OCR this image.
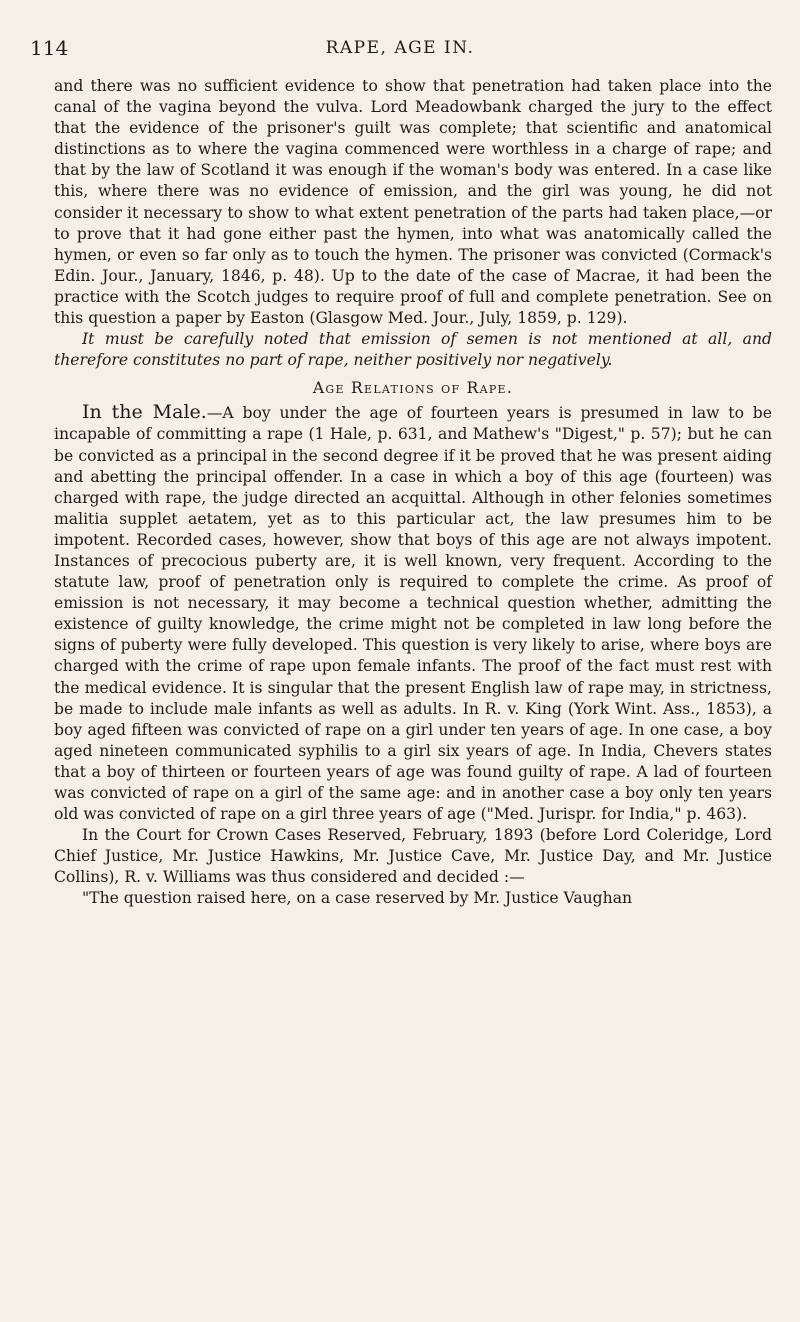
114	RAPE, AGE IN.

and there was no sufficient evidence to show that penetration had taken place into the canal of the vagina beyond the vulva. Lord Meadowbank charged the jury to the effect that the evidence of the prisoner's guilt was complete; that scientific and anatomical distinctions as to where the vagina commenced were worthless in a charge of rape; and that by the law of Scotland it was enough if the woman's body was entered. In a case like this, where there was no evidence of emission, and the girl was young, he did not consider it necessary to show to what extent penetration of the parts had taken place,—or to prove that it had gone either past the hymen, into what was anatomically called the hymen, or even so far only as to touch the hymen. The prisoner was convicted (Cormack's Edin. Jour., January, 1846, p. 48). Up to the date of the case of Macrae, it had been the practice with the Scotch judges to require proof of full and complete penetration. See on this question a paper by Easton (Glasgow Med. Jour., July, 1859, p. 129).

It must be carefully noted that emission of semen is not mentioned at all, and therefore constitutes no part of rape, neither positively nor negatively.

Age Relations of Rape.

In the Male.—A boy under the age of fourteen years is presumed in law to be incapable of committing a rape (1 Hale, p. 631, and Mathew's "Digest," p. 57); but he can be convicted as a principal in the second degree if it be proved that he was present aiding and abetting the principal offender. In a case in which a boy of this age (fourteen) was charged with rape, the judge directed an acquittal. Although in other felonies sometimes malitia supplet aetatem, yet as to this particular act, the law presumes him to be impotent. Recorded cases, however, show that boys of this age are not always impotent. Instances of precocious puberty are, it is well known, very frequent. According to the statute law, proof of penetration only is required to complete the crime. As proof of emission is not necessary, it may become a technical question whether, admitting the existence of guilty knowledge, the crime might not be completed in law long before the signs of puberty were fully developed. This question is very likely to arise, where boys are charged with the crime of rape upon female infants. The proof of the fact must rest with the medical evidence. It is singular that the present English law of rape may, in strictness, be made to include male infants as well as adults. In R. v. King (York Wint. Ass., 1853), a boy aged fifteen was convicted of rape on a girl under ten years of age. In one case, a boy aged nineteen communicated syphilis to a girl six years of age. In India, Chevers states that a boy of thirteen or fourteen years of age was found guilty of rape. A lad of fourteen was convicted of rape on a girl of the same age: and in another case a boy only ten years old was convicted of rape on a girl three years of age ("Med. Jurispr. for India," p. 463).

In the Court for Crown Cases Reserved, February, 1893 (before Lord Coleridge, Lord Chief Justice, Mr. Justice Hawkins, Mr. Justice Cave, Mr. Justice Day, and Mr. Justice Collins), R. v. Williams was thus considered and decided :—

"The question raised here, on a case reserved by Mr. Justice Vaughan
